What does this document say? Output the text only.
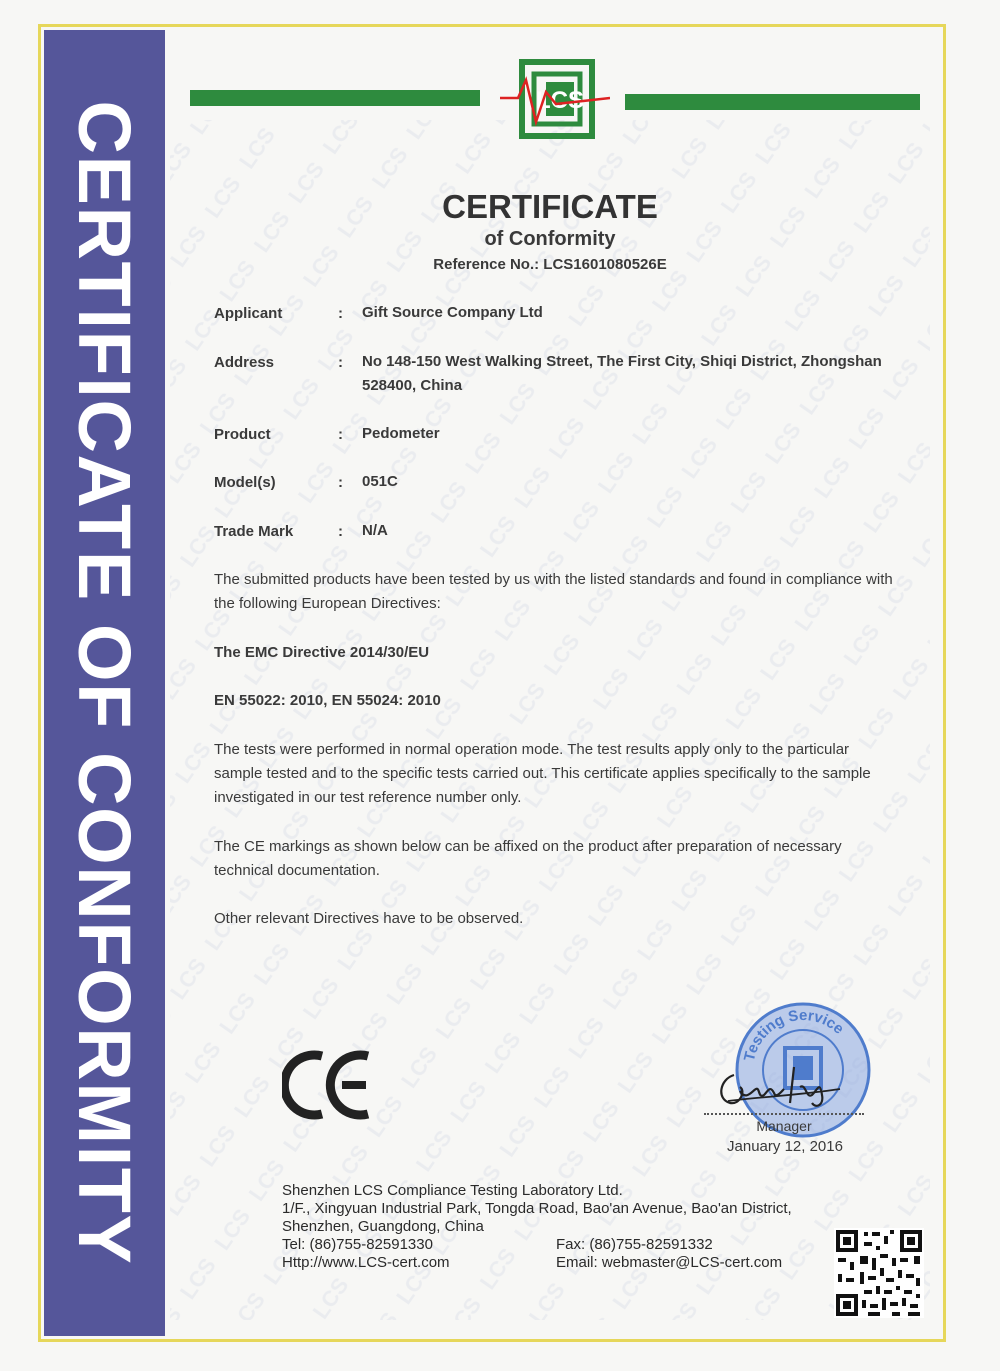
CERTIFICATE OF CONFORMITY	LCS
CERTIFICATE
of Conformity
Reference No.: LCS1601080526E
Applicant	: Gift Source Company Ltd
Address	: No 148-150 West Walking Street, The First City, Shiqi District, Zhongshan 528400, China
Product	: Pedometer
Model(s)	: 051C
Trade Mark	: N/A
The submitted products have been tested by us with the listed standards and found in compliance with the following European Directives:
The EMC Directive 2014/30/EU
EN 55022: 2010, EN 55024: 2010
The tests were performed in normal operation mode. The test results apply only to the particular sample tested and to the specific tests carried out. This certificate applies specifically to the sample investigated in our test reference number only.
The CE markings as shown below can be affixed on the product after preparation of necessary technical documentation.
Other relevant Directives have to be observed.
Testing Service
Manager
January 12, 2016
Shenzhen LCS Compliance Testing Laboratory Ltd.
1/F., Xingyuan Industrial Park, Tongda Road, Bao'an Avenue, Bao'an District,
Shenzhen, Guangdong, China
Tel: (86)755-82591330	Fax: (86)755-82591332
Http://www.LCS-cert.com	Email: webmaster@LCS-cert.com
